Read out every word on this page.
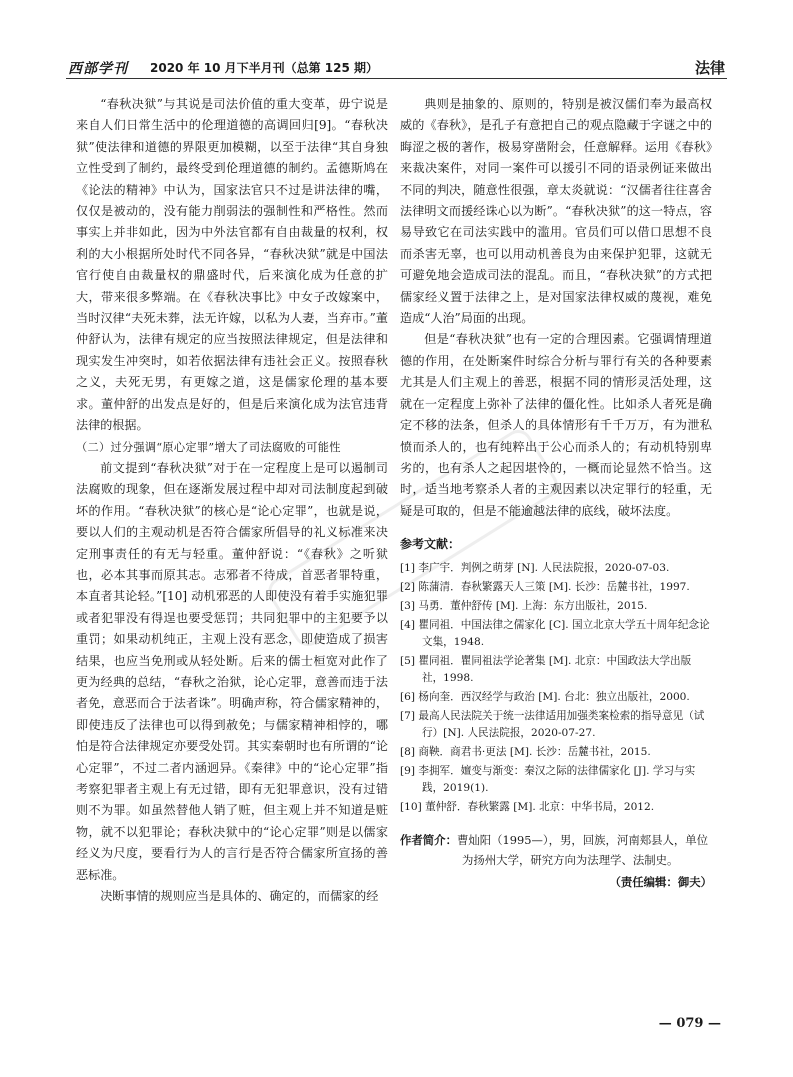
西部学刊 2020 年 10 月下半月刊（总第 125 期）	法律

“春秋决狱”与其说是司法价值的重大变革，毋宁说是来自人们日常生活中的伦理道德的高调回归[9]。“春秋决狱”使法律和道德的界限更加模糊，以至于法律“其自身独立性受到了制约，最终受到伦理道德的制约。孟德斯鸠在《论法的精神》中认为，国家法官只不过是讲法律的嘴，仅仅是被动的，没有能力削弱法的强制性和严格性。然而事实上并非如此，因为中外法官都有自由裁量的权利，权利的大小根据所处时代不同各异，“春秋决狱”就是中国法官行使自由裁量权的鼎盛时代，后来演化成为任意的扩大，带来很多弊端。在《春秋决事比》中女子改嫁案中，当时汉律“夫死未葬，法无许嫁，以私为人妻，当弃市。”董仲舒认为，法律有规定的应当按照法律规定，但是法律和现实发生冲突时，如若依据法律有违社会正义。按照春秋之义，夫死无男，有更嫁之道，这是儒家伦理的基本要求。董仲舒的出发点是好的，但是后来演化成为法官违背法律的根据。

（二）过分强调“原心定罪”增大了司法腐败的可能性

前文提到“春秋决狱”对于在一定程度上是可以遏制司法腐败的现象，但在逐渐发展过程中却对司法制度起到破坏的作用。“春秋决狱”的核心是“论心定罪”，也就是说，要以人们的主观动机是否符合儒家所倡导的礼义标准来决定刑事责任的有无与轻重。董仲舒说：“《春秋》之听狱也，必本其事而原其志。志邪者不待成，首恶者罪特重，本直者其论轻。”[10] 动机邪恶的人即使没有着手实施犯罪或者犯罪没有得逞也要受惩罚；共同犯罪中的主犯要予以重罚；如果动机纯正，主观上没有恶念，即使造成了损害结果，也应当免刑或从轻处断。后来的儒士桓宽对此作了更为经典的总结，“春秋之治狱，论心定罪，意善而违于法者免，意恶而合于法者诛”。明确声称，符合儒家精神的，即使违反了法律也可以得到赦免；与儒家精神相悖的，哪怕是符合法律规定亦要受处罚。其实秦朝时也有所谓的“论心定罪”，不过二者内涵迥异。《秦律》中的“论心定罪”指考察犯罪者主观上有无过错，即有无犯罪意识，没有过错则不为罪。如虽然替他人销了赃，但主观上并不知道是赃物，就不以犯罪论；春秋决狱中的“论心定罪”则是以儒家经义为尺度，要看行为人的言行是否符合儒家所宣扬的善恶标准。

决断事情的规则应当是具体的、确定的，而儒家的经

典则是抽象的、原则的，特别是被汉儒们奉为最高权威的《春秋》，是孔子有意把自己的观点隐藏于字谜之中的晦涩之极的著作，极易穿凿附会，任意解释。运用《春秋》来裁决案件，对同一案件可以援引不同的语录例证来做出不同的判决，随意性很强，章太炎就说：“汉儒者往往喜舍法律明文而援经诛心以为断”。“春秋决狱”的这一特点，容易导致它在司法实践中的滥用。官员们可以借口思想不良而杀害无辜，也可以用动机善良为由来保护犯罪，这就无可避免地会造成司法的混乱。而且，“春秋决狱”的方式把儒家经义置于法律之上，是对国家法律权威的蔑视，难免造成“人治”局面的出现。

但是“春秋决狱”也有一定的合理因素。它强调情理道德的作用，在处断案件时综合分析与罪行有关的各种要素尤其是人们主观上的善恶，根据不同的情形灵活处理，这就在一定程度上弥补了法律的僵化性。比如杀人者死是确定不移的法条，但杀人的具体情形有千千万万，有为泄私愤而杀人的，也有纯粹出于公心而杀人的；有动机特别卑劣的，也有杀人之起因堪怜的，一概而论显然不恰当。这时，适当地考察杀人者的主观因素以决定罪行的轻重，无疑是可取的，但是不能逾越法律的底线，破坏法度。

参考文献：
[1] 李广宇．判例之萌芽 [N]. 人民法院报，2020-07-03.
[2] 陈蒲清．春秋繁露天人三策 [M]. 长沙：岳麓书社，1997.
[3] 马勇．董仲舒传 [M]. 上海：东方出版社，2015.
[4] 瞿同祖．中国法律之儒家化 [C]. 国立北京大学五十周年纪念论文集，1948.
[5] 瞿同祖．瞿同祖法学论著集 [M]. 北京：中国政法大学出版社，1998.
[6] 杨向奎．西汉经学与政治 [M]. 台北：独立出版社，2000.
[7] 最高人民法院关于统一法律适用加强类案检索的指导意见（试行）[N]. 人民法院报，2020-07-27.
[8] 商鞅．商君书·更法 [M]. 长沙：岳麓书社，2015.
[9] 李拥军．嬗变与渐变：秦汉之际的法律儒家化 [J]. 学习与实践，2019(1).
[10] 董仲舒．春秋繁露 [M]. 北京：中华书局，2012.
作者简介：曹灿阳（1995—），男，回族，河南郏县人，单位
为扬州大学，研究方向为法理学、法制史。
（责任编辑：御夫）
— 079 —
